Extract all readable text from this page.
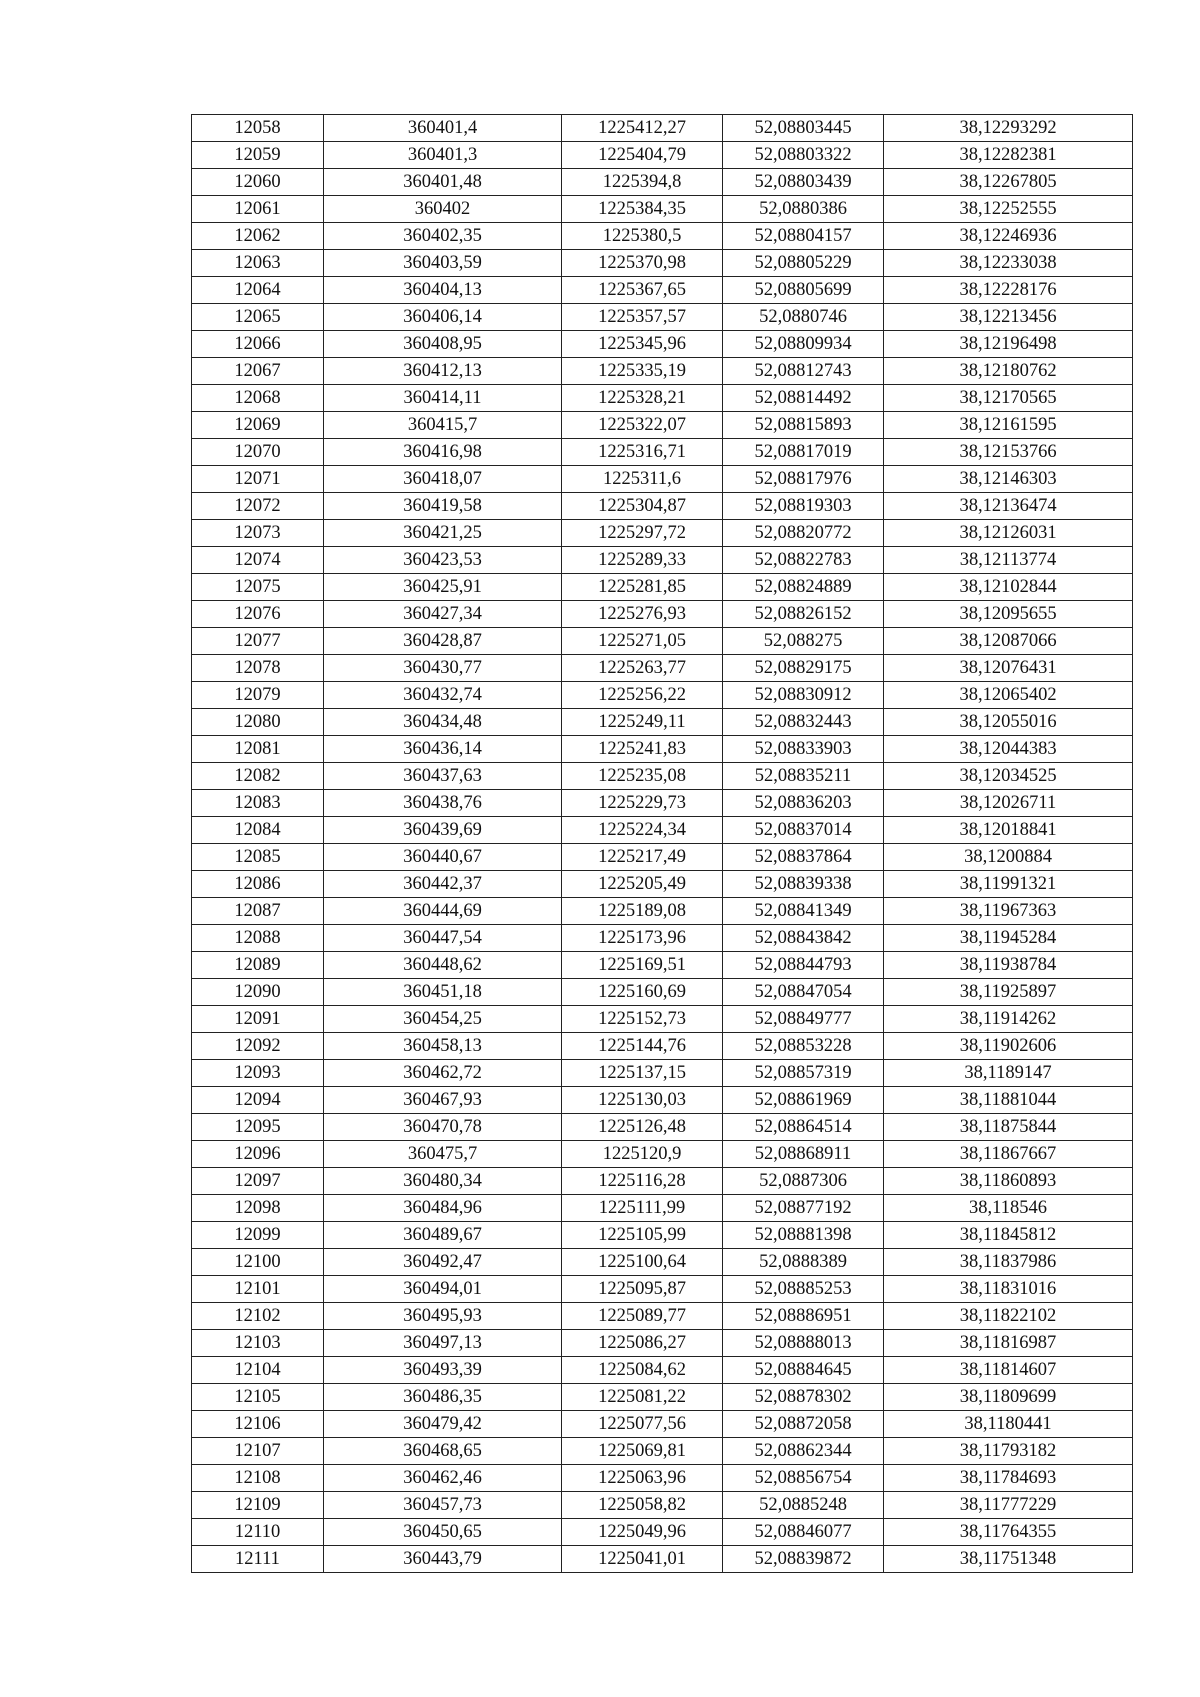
12058	360401,4	1225412,27	52,08803445	38,12293292
12059	360401,3	1225404,79	52,08803322	38,12282381
12060	360401,48	1225394,8	52,08803439	38,12267805
12061	360402	1225384,35	52,0880386	38,12252555
12062	360402,35	1225380,5	52,08804157	38,12246936
12063	360403,59	1225370,98	52,08805229	38,12233038
12064	360404,13	1225367,65	52,08805699	38,12228176
12065	360406,14	1225357,57	52,0880746	38,12213456
12066	360408,95	1225345,96	52,08809934	38,12196498
12067	360412,13	1225335,19	52,08812743	38,12180762
12068	360414,11	1225328,21	52,08814492	38,12170565
12069	360415,7	1225322,07	52,08815893	38,12161595
12070	360416,98	1225316,71	52,08817019	38,12153766
12071	360418,07	1225311,6	52,08817976	38,12146303
12072	360419,58	1225304,87	52,08819303	38,12136474
12073	360421,25	1225297,72	52,08820772	38,12126031
12074	360423,53	1225289,33	52,08822783	38,12113774
12075	360425,91	1225281,85	52,08824889	38,12102844
12076	360427,34	1225276,93	52,08826152	38,12095655
12077	360428,87	1225271,05	52,088275	38,12087066
12078	360430,77	1225263,77	52,08829175	38,12076431
12079	360432,74	1225256,22	52,08830912	38,12065402
12080	360434,48	1225249,11	52,08832443	38,12055016
12081	360436,14	1225241,83	52,08833903	38,12044383
12082	360437,63	1225235,08	52,08835211	38,12034525
12083	360438,76	1225229,73	52,08836203	38,12026711
12084	360439,69	1225224,34	52,08837014	38,12018841
12085	360440,67	1225217,49	52,08837864	38,1200884
12086	360442,37	1225205,49	52,08839338	38,11991321
12087	360444,69	1225189,08	52,08841349	38,11967363
12088	360447,54	1225173,96	52,08843842	38,11945284
12089	360448,62	1225169,51	52,08844793	38,11938784
12090	360451,18	1225160,69	52,08847054	38,11925897
12091	360454,25	1225152,73	52,08849777	38,11914262
12092	360458,13	1225144,76	52,08853228	38,11902606
12093	360462,72	1225137,15	52,08857319	38,1189147
12094	360467,93	1225130,03	52,08861969	38,11881044
12095	360470,78	1225126,48	52,08864514	38,11875844
12096	360475,7	1225120,9	52,08868911	38,11867667
12097	360480,34	1225116,28	52,0887306	38,11860893
12098	360484,96	1225111,99	52,08877192	38,118546
12099	360489,67	1225105,99	52,08881398	38,11845812
12100	360492,47	1225100,64	52,0888389	38,11837986
12101	360494,01	1225095,87	52,08885253	38,11831016
12102	360495,93	1225089,77	52,08886951	38,11822102
12103	360497,13	1225086,27	52,08888013	38,11816987
12104	360493,39	1225084,62	52,08884645	38,11814607
12105	360486,35	1225081,22	52,08878302	38,11809699
12106	360479,42	1225077,56	52,08872058	38,1180441
12107	360468,65	1225069,81	52,08862344	38,11793182
12108	360462,46	1225063,96	52,08856754	38,11784693
12109	360457,73	1225058,82	52,0885248	38,11777229
12110	360450,65	1225049,96	52,08846077	38,11764355
12111	360443,79	1225041,01	52,08839872	38,11751348
